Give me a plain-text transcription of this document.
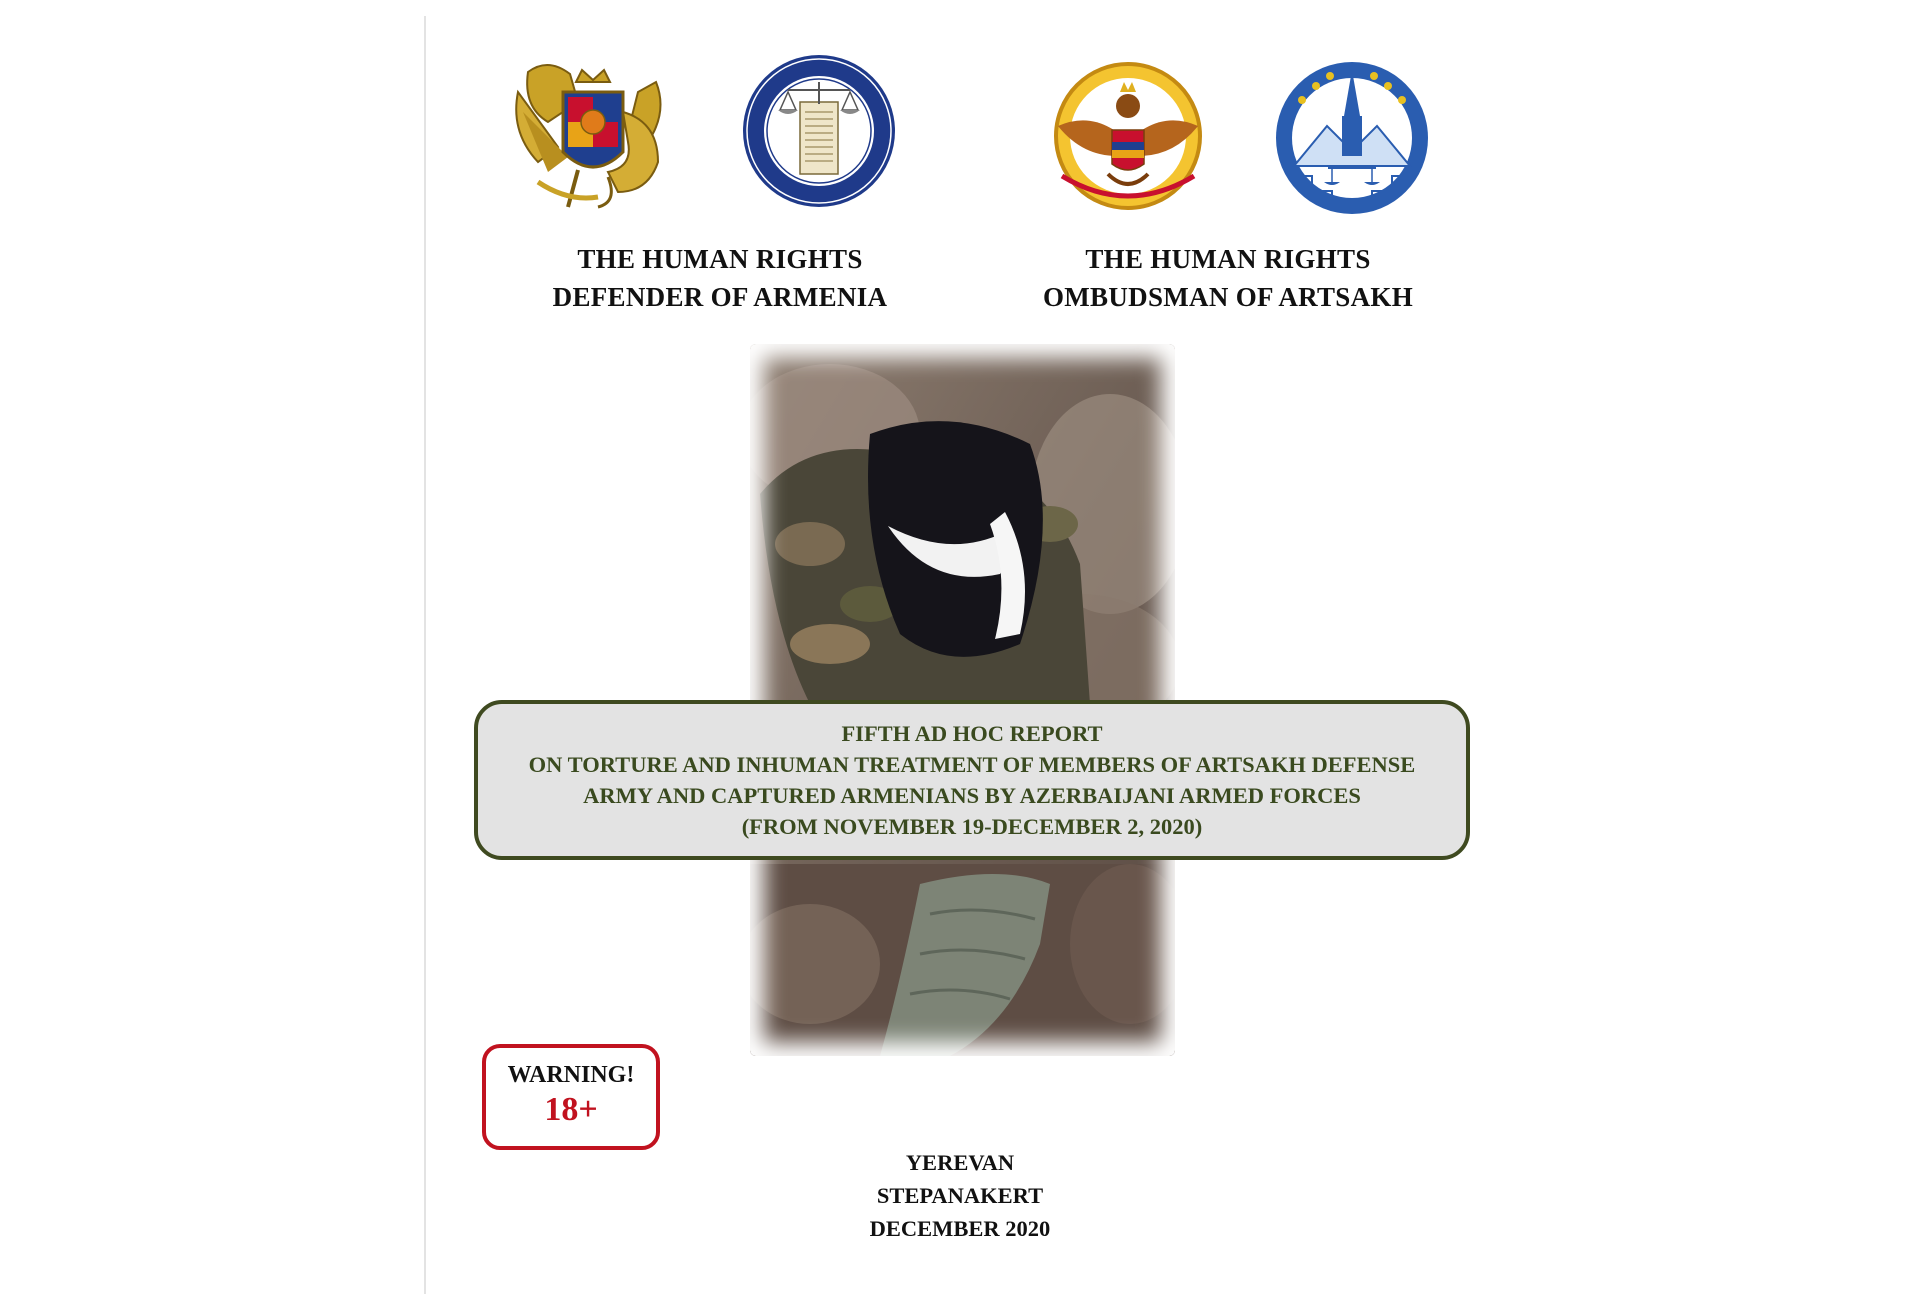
THE HUMAN RIGHTS
DEFENDER OF ARMENIA
THE HUMAN RIGHTS
OMBUDSMAN OF ARTSAKH
FIFTH AD HOC REPORT
ON TORTURE AND INHUMAN TREATMENT OF MEMBERS OF ARTSAKH DEFENSE
ARMY AND CAPTURED ARMENIANS BY AZERBAIJANI ARMED FORCES
(FROM NOVEMBER 19-DECEMBER 2, 2020)
WARNING!
18+
YEREVAN
STEPANAKERT
DECEMBER 2020
